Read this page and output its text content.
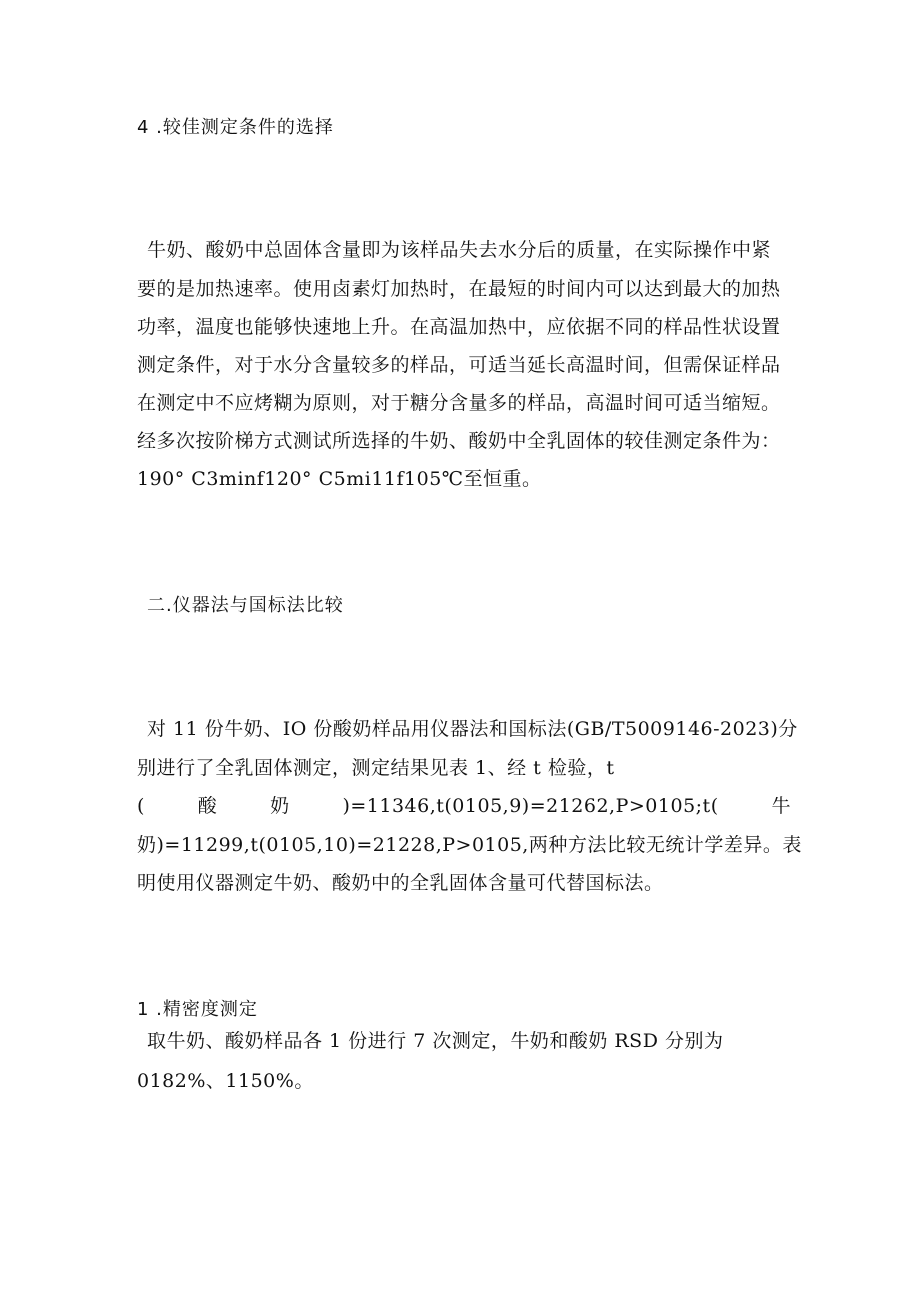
4 .较佳测定条件的选择
牛奶、酸奶中总固体含量即为该样品失去水分后的质量，在实际操作中紧
要的是加热速率。使用卤素灯加热时，在最短的时间内可以达到最大的加热
功率，温度也能够快速地上升。在高温加热中，应依据不同的样品性状设置
测定条件，对于水分含量较多的样品，可适当延长高温时间，但需保证样品
在测定中不应烤糊为原则，对于糖分含量多的样品，高温时间可适当缩短。
经多次按阶梯方式测试所选择的牛奶、酸奶中全乳固体的较佳测定条件为：
190° C3minf120° C5mi11f105℃至恒重。
二.仪器法与国标法比较
对 11 份牛奶、IO 份酸奶样品用仪器法和国标法(GB/T5009146-2023)分
别进行了全乳固体测定，测定结果见表 1、经 t 检验，t
(	酸	奶	)=11346,t(0105,9)=21262,P>0105;t(	牛
奶)=11299,t(0105,10)=21228,P>0105,两种方法比较无统计学差异。表
明使用仪器测定牛奶、酸奶中的全乳固体含量可代替国标法。
1 .精密度测定
取牛奶、酸奶样品各 1 份进行 7 次测定，牛奶和酸奶 RSD 分别为
0182%、1150%。
